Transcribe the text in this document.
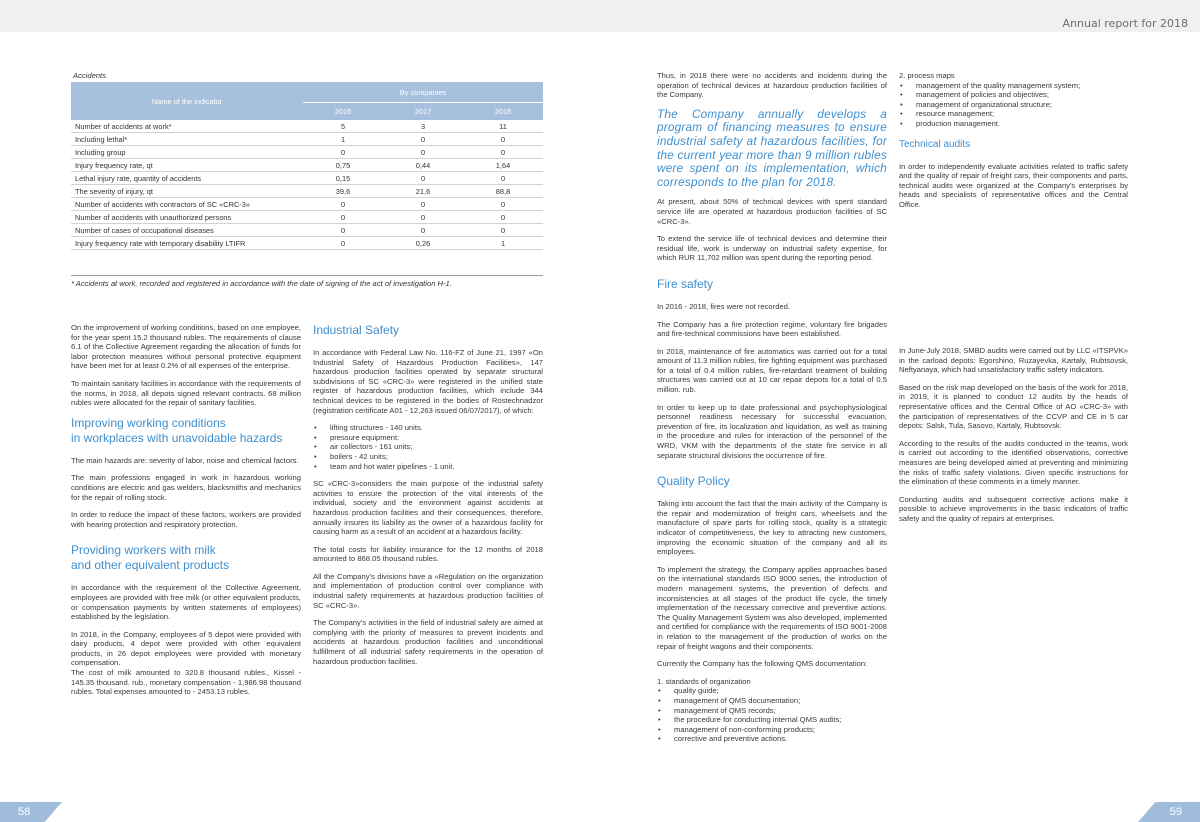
Annual report for 2018
Accidents
Name of the indicator	By companies		
	2016	2017	2018
Number of accidents at work*	5	3	11
Including lethal*	1	0	0
Including group	0	0	0
Injury frequency rate, qt	0,75	0,44	1,64
Lethal injury rate, quantity of accidents	0,15	0	0
The severity of injury, qt	39,6	21,6	88,8
Number of accidents with contractors of SC «CRC-3»	0	0	0
Number of accidents with unauthorized persons	0	0	0
Number of cases of occupational diseases	0	0	0
Injury frequency rate with temporary disability LTIFR	0	0,26	1
* Accidents at work, recorded and registered in accordance with the date of signing of the act of investigation H-1.

On the improvement of working conditions, based on one employee, for the year spent 15.2 thousand rubles. The requirements of clause 6.1 of the Collective Agreement regarding the allocation of funds for labor protection measures without personal protective equipment have been met for at least 0.2% of all expenses of the enterprise.

To maintain sanitary facilities in accordance with the requirements of the norms, in 2018, all depots signed relevant contracts. 68 million rubles were allocated for the repair of sanitary facilities.

Improving working conditions
in workplaces with unavoidable hazards

The main hazards are: severity of labor, noise and chemical factors.

The main professions engaged in work in hazardous working conditions are electric and gas welders, blacksmiths and mechanics for the repair of rolling stock.

In order to reduce the impact of these factors, workers are provided with hearing protection and respiratory protection.

Providing workers with milk
and other equivalent products

In accordance with the requirement of the Collective Agreement, employees are provided with free milk (or other equivalent products, or compensation payments by written statements of employees) established by the legislation.

In 2018, in the Company, employees of 5 depot were provided with dairy products, 4 depot were provided with other equivalent products, in 26 depot employees were provided with monetary compensation.

The cost of milk amounted to 320.8 thousand rubles., Kissel - 145.35 thousand. rub., monetary compensation - 1,986.98 thousand rubles. Total expenses amounted to - 2453.13 rubles.

Industrial Safety

In accordance with Federal Law No. 116-FZ of June 21, 1997 «On Industrial Safety of Hazardous Production Facilities», 147 hazardous production facilities operated by separate structural subdivisions of SC «CRC-3» were registered in the unified state register of hazardous production facilities, which include 344 technical devices to be registered in the bodies of Rostechnadzor (registration certificate A01 - 12,263 issued 06/07/2017), of which:

• lifting structures - 140 units.
• pressure equipment:
• air collectors - 161 units;
• boilers - 42 units;
• team and hot water pipelines - 1 unit.

SC «CRC-3»considers the main purpose of the industrial safety activities to ensure the protection of the vital interests of the individual, society and the environment against accidents at hazardous production facilities and their consequences, therefore, annually insures its liability as the owner of a hazardous facility for causing harm as a result of an accident at a hazardous facility.

The total costs for liability insurance for the 12 months of 2018 amounted to 868.05 thousand rubles.

All the Company's divisions have a «Regulation on the organization and implementation of production control over compliance with industrial safety requirements at hazardous production facilities of SC «CRC-3».

The Company's activities in the field of industrial safety are aimed at complying with the priority of measures to prevent incidents and accidents at hazardous production facilities and unconditional fulfillment of all industrial safety requirements in the operation of hazardous production facilities.

Thus, in 2018 there were no accidents and incidents during the operation of technical devices at hazardous production facilities of the Company.

The Company annually develops a program of financing measures to ensure industrial safety at hazardous facilities, for the current year more than 9 million rubles were spent on its implementation, which corresponds to the plan for 2018.

At present, about 50% of technical devices with spent standard service life are operated at hazardous production facilities of SC «CRC-3».

To extend the service life of technical devices and determine their residual life, work is underway on industrial safety expertise, for which RUR 11,702 million was spent during the reporting period.

Fire safety

In 2016 - 2018, fires were not recorded.

The Company has a fire protection regime, voluntary fire brigades and fire-technical commissions have been established.

In 2018, maintenance of fire automatics was carried out for a total amount of 11.3 million rubles, fire fighting equipment was purchased for a total of 0.4 million rubles, fire-retardant treatment of building structures was carried out at 10 car repair depots for a total of 0.5 million. rub.

In order to keep up to date professional and psychophysiological personnel readiness necessary for successful evacuation, prevention of fire, its localization and liquidation, as well as training in the procedure and rules for interaction of the personnel of the WRD, VKM with the departments of the state fire service in all separate structural divisions the occurrence of fire.

Quality Policy

Taking into account the fact that the main activity of the Company is the repair and modernization of freight cars, wheelsets and the manufacture of spare parts for rolling stock, quality is a strategic indicator of competitiveness, the key to attracting new customers, improving the economic situation of the company and all its employees.

To implement the strategy, the Company applies approaches based on the international standards ISO 9000 series, the introduction of modern management systems, the prevention of defects and inconsistencies at all stages of the product life cycle, the timely implementation of the necessary corrective and preventive actions. The Quality Management System was also developed, implemented and certified for compliance with the requirements of ISO 9001-2008 in relation to the management of the production of works on the repair of freight wagons and their components.

Currently the Company has the following QMS documentation:

1. standards of organization

• quality guide;
• management of QMS documentation;
• management of QMS records;
• the procedure for conducting internal QMS audits;
• management of non-conforming products;
• corrective and preventive actions.

2. process maps

• management of the quality management system;
• management of policies and objectives;
• management of organizational structure;
• resource management;
• production management.
Technical audits

In order to independently evaluate activities related to traffic safety and the quality of repair of freight cars, their components and parts, technical audits were organized at the Company's enterprises by heads and specialists of representative offices and the Central Office.

In June-July 2018, SMBD audits were carried out by LLC «ITSPVK» in the carload depots: Egorshino, Ruzayevka, Kartaly, Rubtsovsk, Neftyanaya, which had unsatisfactory traffic safety indicators.

Based on the risk map developed on the basis of the work for 2018, in 2019, it is planned to conduct 12 audits by the heads of representative offices and the Central Office of AO «CRC-3» with the participation of representatives of the CCVP and CE in 5 car depots: Salsk, Tula, Sasovo, Kartaly, Rubtsovsk.

According to the results of the audits conducted in the teams, work is carried out according to the identified observations, corrective measures are being developed aimed at preventing and minimizing the risks of traffic safety violations. Given specific instructions for the elimination of these comments in a timely manner.

Conducting audits and subsequent corrective actions make it possible to achieve improvements in the basic indicators of traffic safety and the quality of repairs at enterprises.

58	59
